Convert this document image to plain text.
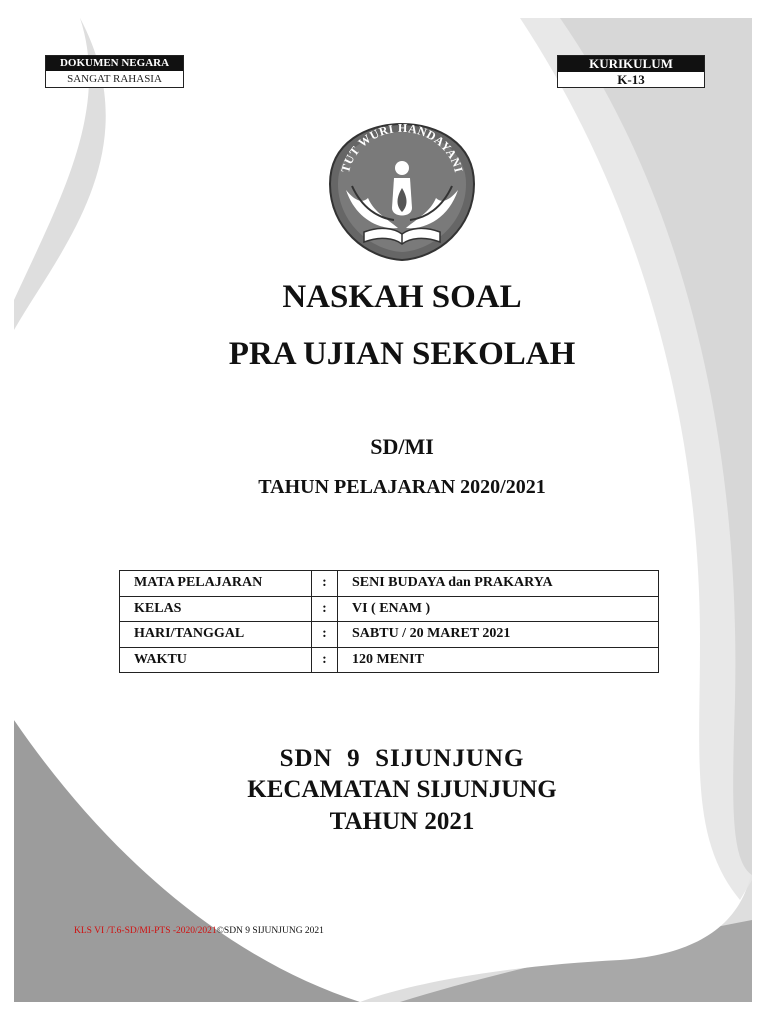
DOKUMEN NEGARA
SANGAT RAHASIA
KURIKULUM
K-13
TUT WURI HANDAYANI
NASKAH SOAL
PRA UJIAN SEKOLAH
SD/MI
TAHUN PELAJARAN 2020/2021
MATA PELAJARAN	:	SENI BUDAYA dan PRAKARYA
KELAS	:	VI ( ENAM )
HARI/TANGGAL	:	SABTU / 20 MARET 2021
WAKTU	:	120 MENIT
SDN  9  SIJUNJUNG
KECAMATAN SIJUNJUNG
TAHUN 2021
KLS VI /T.6-SD/MI-PTS -2020/2021©SDN 9 SIJUNJUNG 2021
